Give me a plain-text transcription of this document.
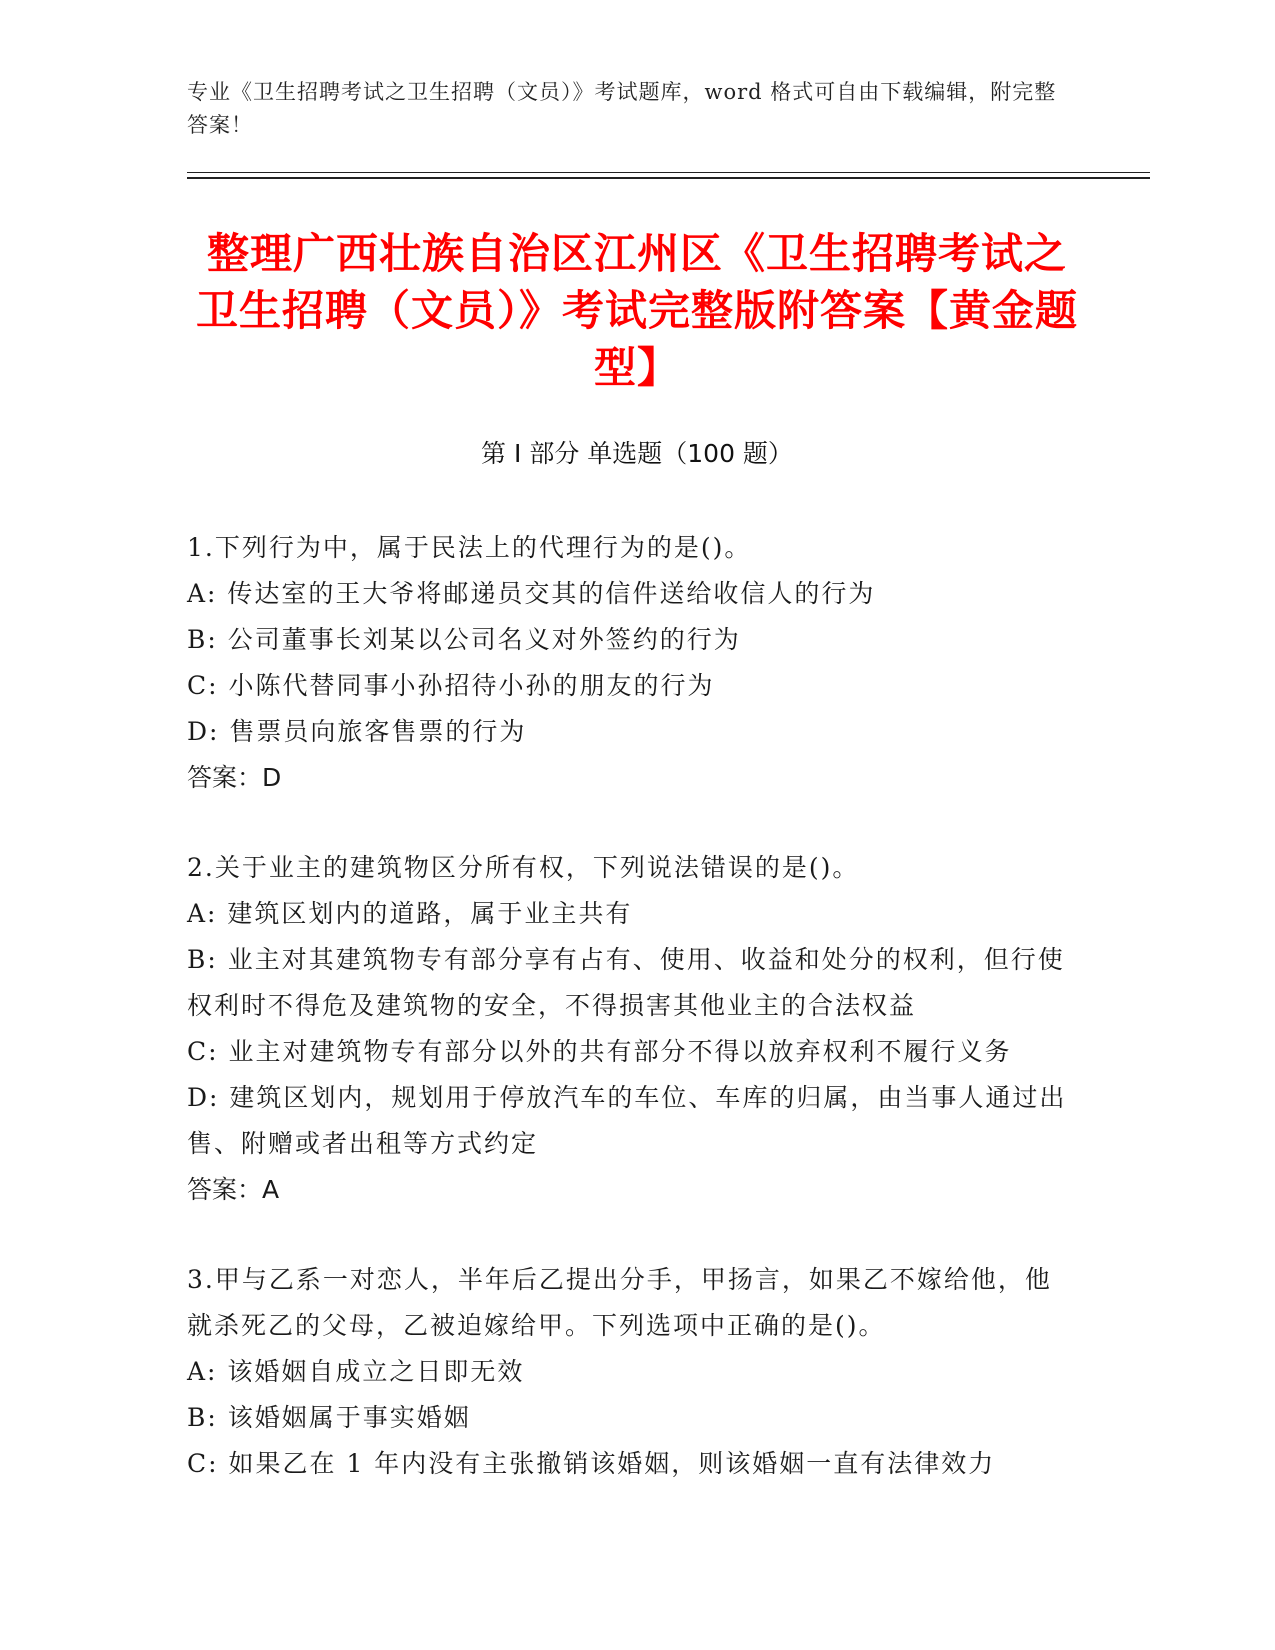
专业《卫生招聘考试之卫生招聘（文员）》考试题库，word 格式可自由下载编辑，附完整答案！
整理广西壮族自治区江州区《卫生招聘考试之卫生招聘（文员）》考试完整版附答案【黄金题型】
第 I 部分 单选题（100 题）

1.下列行为中，属于民法上的代理行为的是()。

A: 传达室的王大爷将邮递员交其的信件送给收信人的行为

B: 公司董事长刘某以公司名义对外签约的行为

C: 小陈代替同事小孙招待小孙的朋友的行为

D: 售票员向旅客售票的行为

答案：D

2.关于业主的建筑物区分所有权，下列说法错误的是()。

A: 建筑区划内的道路，属于业主共有

B: 业主对其建筑物专有部分享有占有、使用、收益和处分的权利，但行使权利时不得危及建筑物的安全，不得损害其他业主的合法权益

C: 业主对建筑物专有部分以外的共有部分不得以放弃权利不履行义务

D: 建筑区划内，规划用于停放汽车的车位、车库的归属，由当事人通过出售、附赠或者出租等方式约定

答案：A

3.甲与乙系一对恋人，半年后乙提出分手，甲扬言，如果乙不嫁给他，他就杀死乙的父母，乙被迫嫁给甲。下列选项中正确的是()。

A: 该婚姻自成立之日即无效

B: 该婚姻属于事实婚姻

C: 如果乙在 1 年内没有主张撤销该婚姻，则该婚姻一直有法律效力
